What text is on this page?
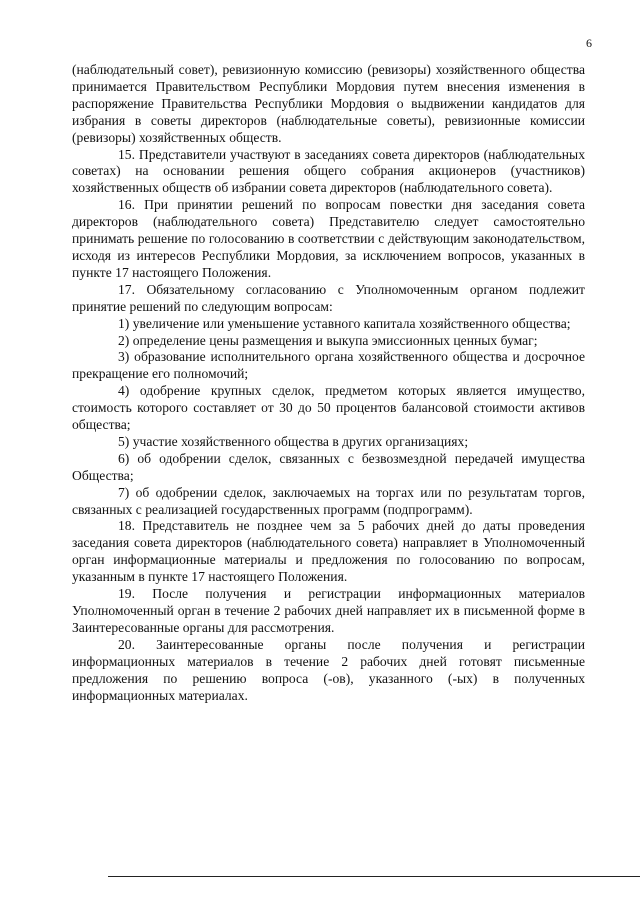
6

(наблюдательный совет), ревизионную комиссию (ревизоры) хозяйственного общества принимается Правительством Республики Мордовия путем внесения изменения в распоряжение Правительства Республики Мордовия о выдвижении кандидатов для избрания в советы директоров (наблюдательные советы), ревизионные комиссии (ревизоры) хозяйственных обществ.

15. Представители участвуют в заседаниях совета директоров (наблюдательных советах) на основании решения общего собрания акционеров (участников) хозяйственных обществ об избрании совета директоров (наблюдательного совета).

16. При принятии решений по вопросам повестки дня заседания совета директоров (наблюдательного совета) Представителю следует самостоятельно принимать решение по голосованию в соответствии с действующим законодательством, исходя из интересов Республики Мордовия, за исключением вопросов, указанных в пункте 17 настоящего Положения.

17. Обязательному согласованию с Уполномоченным органом подлежит принятие решений по следующим вопросам:

1) увеличение или уменьшение уставного капитала хозяйственного общества;

2) определение цены размещения и выкупа эмиссионных ценных бумаг;

3) образование исполнительного органа хозяйственного общества и досрочное прекращение его полномочий;

4) одобрение крупных сделок, предметом которых является имущество, стоимость которого составляет от 30 до 50 процентов балансовой стоимости активов общества;

5) участие хозяйственного общества в других организациях;

6) об одобрении сделок, связанных с безвозмездной передачей имущества Общества;

7) об одобрении сделок, заключаемых на торгах или по результатам торгов, связанных с реализацией государственных программ (подпрограмм).

18. Представитель не позднее чем за 5 рабочих дней до даты проведения заседания совета директоров (наблюдательного совета) направляет в Уполномоченный орган информационные материалы и предложения по голосованию по вопросам, указанным в пункте 17 настоящего Положения.

19. После получения и регистрации информационных материалов Уполномоченный орган в течение 2 рабочих дней направляет их в письменной форме в Заинтересованные органы для рассмотрения.

20. Заинтересованные органы после получения и регистрации информационных материалов в течение 2 рабочих дней готовят письменные предложения по решению вопроса (-ов), указанного (-ых) в полученных информационных материалах.
